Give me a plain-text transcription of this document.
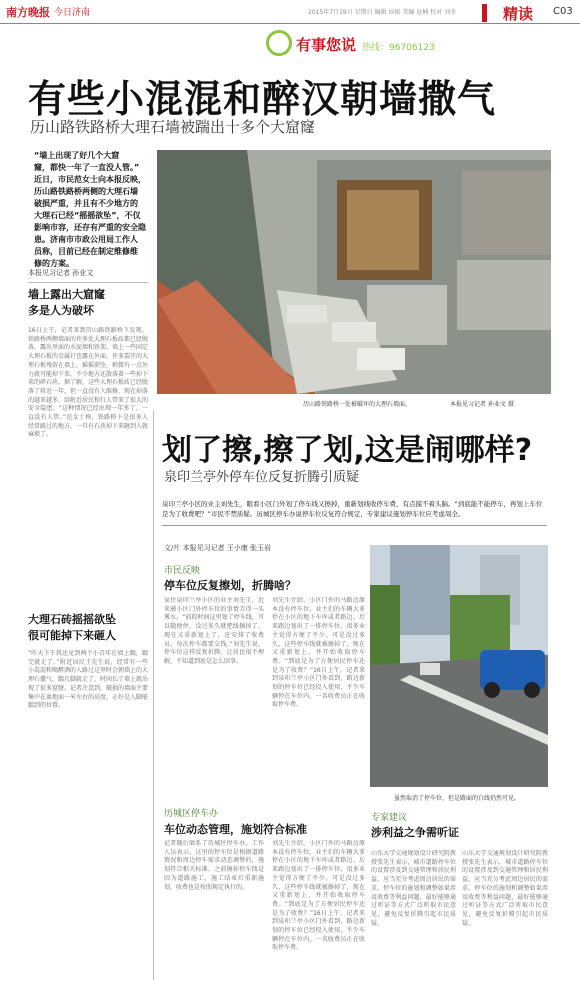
南方晚报 今日济南	2015年7月19日 星期日 编辑 侯振 美编 赵楠 校对 刘冬	精读 C03
有事您说 热线：96706123
有些小混混和醉汉朝墙撒气
历山路铁路桥大理石墙被踹出十多个大窟窿
“墙上出现了好几个大窟
窿，都快一年了一直没人管。”
近日，市民范女士向本报反映，
历山路铁路桥两侧的大理石墙
破损严重，并且有不少地方的
大理石已经“摇摇欲坠”，不仅
影响市容，还存有严重的安全隐
患。济南市市政公用局工作人
员称，目前已经在制定维修维
修的方案。
本报见习记者 孙业文
墙上露出大窟窿
多是人为破坏
16日上午，记者来到历山路铁路桥下发现，铁路桥两侧墙面的许多处大理石板砖都已经脱落，露出里面的水泥墙和铁架，墙上一些固定大理石板的金属钉也露在外面。许多裂开的大理石板残留在墙上，摇摇欲坠，稍微有一点外力就可能掉下来。不少地方还散落着一些掉下来的碎石块。据了解，这些大理石板砖已经脱落了将近一年，但一直没有人维修，现在掉落的越来越多，给附近居民和行人带来了很大的安全隐患。“这种情况已经出现一年多了，一直没有人管。”范女士称，铁路桥下是很多人经常路过的地方，一旦有石块掉下来砸到人就麻烦了。
大理石砖摇摇欲坠
很可能掉下来砸人
“昨天下午我还见到两个小青年在墙上踹，踹完就走了。”附近居民王先生说，经常有一些小混混和喝醉酒的人路过这里时会朝墙上的大理石撒气，踹几脚就走了，时间长了墙上就出现了很多窟窿。记者注意到，破损的墙面主要集中在离地面一米左右的高度，正好是人脚能踹到的位置。
历山路铁路桥一处被破坏的大理石墙面。	本报见习记者 孙业文 摄
划了擦,擦了划,这是闹哪样?
泉印兰亭外停车位反复折腾引质疑
泉印兰亭小区的业主刘先生，眼看小区门外划了停车线又擦掉，重新划线收停车费，有点摸不着头脑。“到底能不能停车，再划上车位是为了收费吧？”市民不禁质疑。历城区停车办说停车位反复符合规定，专家建议施划停车位应考虑周全。
文/片 本报见习记者 王小康 张玉岩
市民反映
停车位反复擦划，折腾啥？
家住泉印兰亭小区的业主刘先生，近来被小区门外停车位的事情弄得一头雾水。“前段时间这里划了停车线，可以随便停，没过多久就把线擦掉了，现在又重新划上了，还安排了收费员，每次停车都要交钱。”刘先生说，停车位这样反复折腾，让居民很不理解，不知道到底是怎么回事。
刘先生介绍，小区门外的马路边原本没有停车位，业主们的车辆大多停在小区的地下车库或者路边。后来路边划出了一排停车位，很多业主觉得方便了不少。可是没过多久，这些停车线就被擦掉了，现在又重新划上，并开始收取停车费。“到底是为了方便居民停车还是为了收费？”16日上午，记者来到泉印兰亭小区门外看到，路边新划的停车位已经投入使用，不少车辆停在车位内，一名收费员正在收取停车费。
历城区停车办
车位动态管理，施划符合标准
记者随后联系了历城区停车办，工作人员表示，这里的停车位是根据道路情况和周边停车需求动态调整的，施划符合相关标准。之前擦掉停车线是因为道路施工，施工结束后重新施划，收费也是按照规定执行的。
刘先生介绍，小区门外的马路边原本没有停车位，业主们的车辆大多停在小区的地下车库或者路边。后来路边划出了一排停车位，很多业主觉得方便了不少。可是没过多久，这些停车线就被擦掉了，现在又重新划上，并开始收取停车费。“到底是为了方便居民停车还是为了收费？”16日上午，记者来到泉印兰亭小区门外看到，路边新划的停车位已经投入使用，不少车辆停在车位内，一名收费员正在收取停车费。
虽然取消了停车位，但是路面的白线仍然可见。
专家建议
涉利益之争需听证
山东大学交通规划设计研究院教授张先生表示，城市道路停车位的设置涉及到交通管理和居民利益，应当充分考虑周边居民的需求。停车位的施划和调整如果涉及收费等利益问题，最好能够通过听证等方式广泛听取市民意见，避免反复折腾引起市民质疑。
山东大学交通规划设计研究院教授张先生表示，城市道路停车位的设置涉及到交通管理和居民利益，应当充分考虑周边居民的需求。停车位的施划和调整如果涉及收费等利益问题，最好能够通过听证等方式广泛听取市民意见，避免反复折腾引起市民质疑。
